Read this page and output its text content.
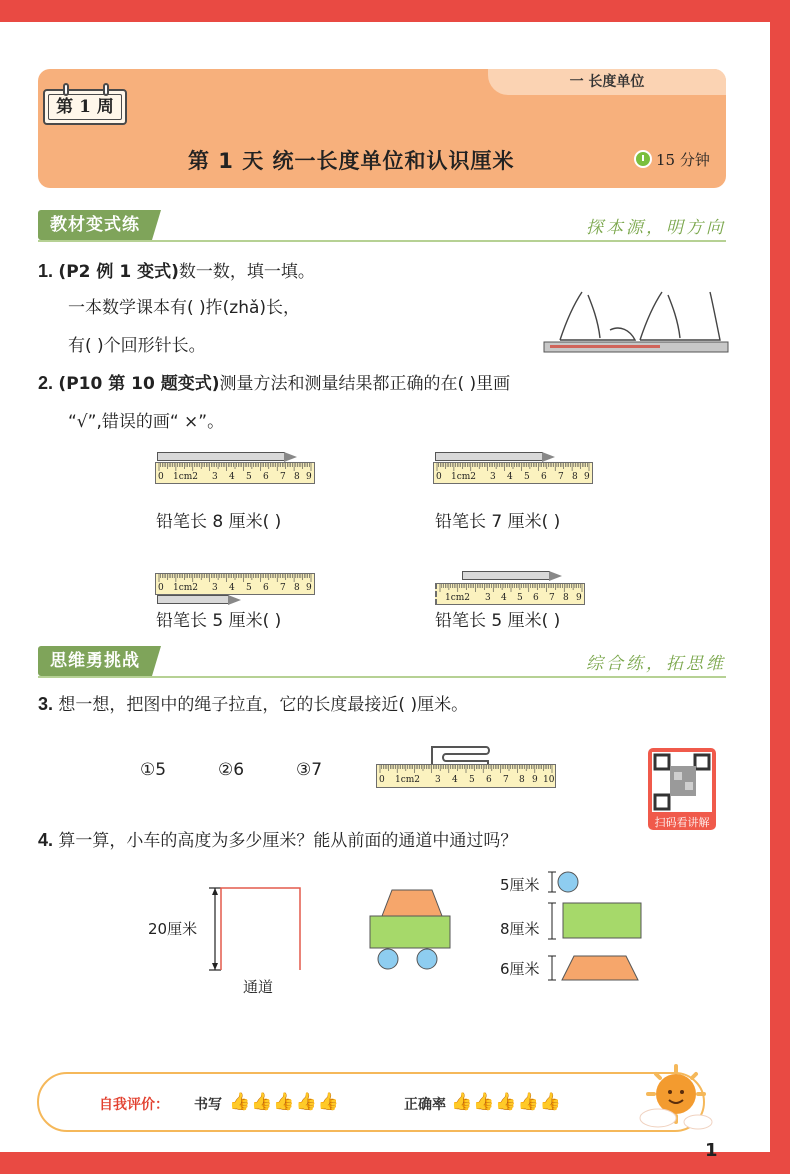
一 长度单位
第 1 周
第 1 天 统一长度单位和认识厘米	15 分钟
教材变式练	探本源，明方向
1. (P2 例 1 变式)数一数，填一填。
一本数学课本有( )拃(zhǎ)长，
有( )个回形针长。
2. (P10 第 10 题变式)测量方法和测量结果都正确的在( )里画
“√”,错误的画“ ×”。
0 1cm2 3 4 5 6 7 8 9
铅笔长 8 厘米( )
0 1cm2 3 4 5 6 7 8 9
铅笔长 7 厘米( )
0 1cm2 3 4 5 6 7 8 9
铅笔长 5 厘米( )
1cm2 3 4 5 6 7 8 9
铅笔长 5 厘米( )
思维勇挑战	综合练，拓思维
3. 想一想，把图中的绳子拉直，它的长度最接近( )厘米。
①5	②6	③7	0 1cm2 3 4 5 6 7 8 9 10
扫码看讲解
4. 算一算，小车的高度为多少厘米？能从前面的通道中通过吗？
20厘米
通道
5厘米
8厘米
6厘米
自我评价： 书写 👍👍👍👍👍	正确率 👍👍👍👍👍
1
